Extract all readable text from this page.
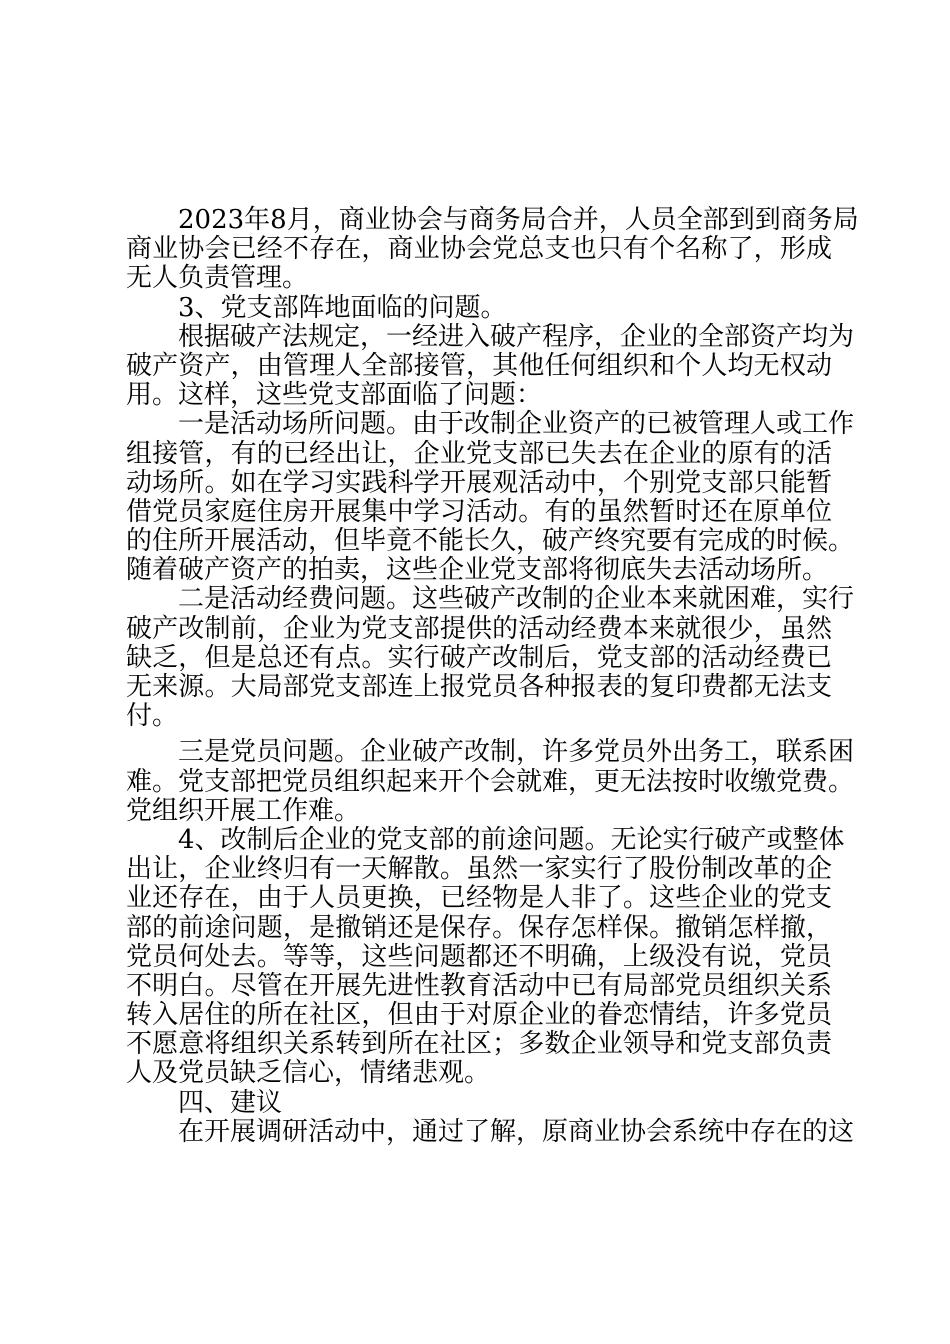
2023年8月，商业协会与商务局合并，人员全部到到商务局
商业协会已经不存在，商业协会党总支也只有个名称了，形成
无人负责管理。
3、党支部阵地面临的问题。
根据破产法规定，一经进入破产程序，企业的全部资产均为
破产资产，由管理人全部接管，其他任何组织和个人均无权动
用。这样，这些党支部面临了问题：
一是活动场所问题。由于改制企业资产的已被管理人或工作
组接管，有的已经出让，企业党支部已失去在企业的原有的活
动场所。如在学习实践科学开展观活动中，个别党支部只能暂
借党员家庭住房开展集中学习活动。有的虽然暂时还在原单位
的住所开展活动，但毕竟不能长久，破产终究要有完成的时候。
随着破产资产的拍卖，这些企业党支部将彻底失去活动场所。
二是活动经费问题。这些破产改制的企业本来就困难，实行
破产改制前，企业为党支部提供的活动经费本来就很少，虽然
缺乏，但是总还有点。实行破产改制后，党支部的活动经费已
无来源。大局部党支部连上报党员各种报表的复印费都无法支
付。
三是党员问题。企业破产改制，许多党员外出务工，联系困
难。党支部把党员组织起来开个会就难，更无法按时收缴党费。
党组织开展工作难。
4、改制后企业的党支部的前途问题。无论实行破产或整体
出让，企业终归有一天解散。虽然一家实行了股份制改革的企
业还存在，由于人员更换，已经物是人非了。这些企业的党支
部的前途问题，是撤销还是保存。保存怎样保。撤销怎样撤，
党员何处去。等等，这些问题都还不明确，上级没有说，党员
不明白。尽管在开展先进性教育活动中已有局部党员组织关系
转入居住的所在社区，但由于对原企业的眷恋情结，许多党员
不愿意将组织关系转到所在社区；多数企业领导和党支部负责
人及党员缺乏信心，情绪悲观。
四、建议
在开展调研活动中，通过了解，原商业协会系统中存在的这
